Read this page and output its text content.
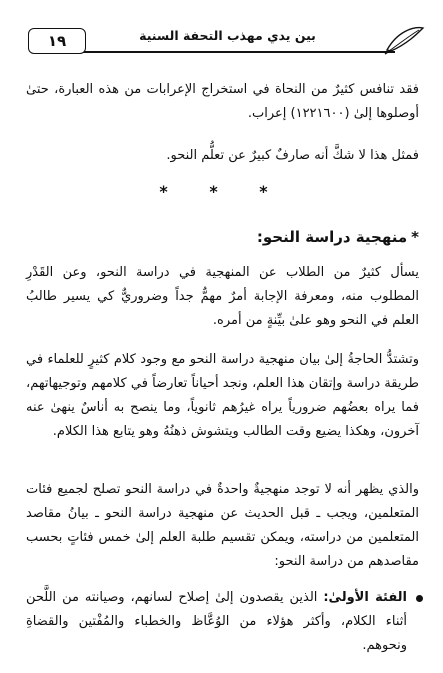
١٩	بين يدي مهذب التحفة السنية

فقد تنافس كثيرٌ من النحاة في استخراج الإعرابات من هذه العبارة، حتىٰ أوصلوها إلىٰ (١٢٢١٦٠٠) إعراب.

فمثل هذا لا شكَّ أنه صارفٌ كبيرٌ عن تعلُّم النحو.

* * *

*منهجية دراسة النحو:

يسأل كثيرٌ من الطلاب عن المنهجية في دراسة النحو، وعن القَدْرِ المطلوب منه، ومعرفة الإجابة أمرٌ مهمٌّ جداً وضروريٌّ كي يسير طالبُ العلم في النحو وهو علىٰ بيِّنةٍ من أمره.

وتشتدُّ الحاجةُ إلىٰ بيان منهجية دراسة النحو مع وجود كلام كثيرٍ للعلماء في طريقة دراسة وإتقان هذا العلم، ونجد أحياناً تعارضاً في كلامهم وتوجيهاتهم، فما يراه بعضُهم ضرورياً يراه غيرُهم ثانوياً، وما ينصح به أناسٌ ينهىٰ عنه آخرون، وهكذا يضيع وقت الطالب ويتشوش ذهنُهُ وهو يتابع هذا الكلام.

والذي يظهر أنه لا توجد منهجيةٌ واحدةٌ في دراسة النحو تصلح لجميع فئات المتعلمين، ويجب ـ قبل الحديث عن منهجية دراسة النحو ـ بيانُ مقاصد المتعلمين من دراسته، ويمكن تقسيم طلبة العلم إلىٰ خمس فئاتٍ بحسب مقاصدهم من دراسة النحو:

الفئة الأولىٰ: الذين يقصدون إلىٰ إصلاح لسانهم، وصيانته من اللَّحن أثناء الكلام، وأكثر هؤلاء من الوُعَّاظ والخطباء والمُفْتين والقضاةِ ونحوهم.
